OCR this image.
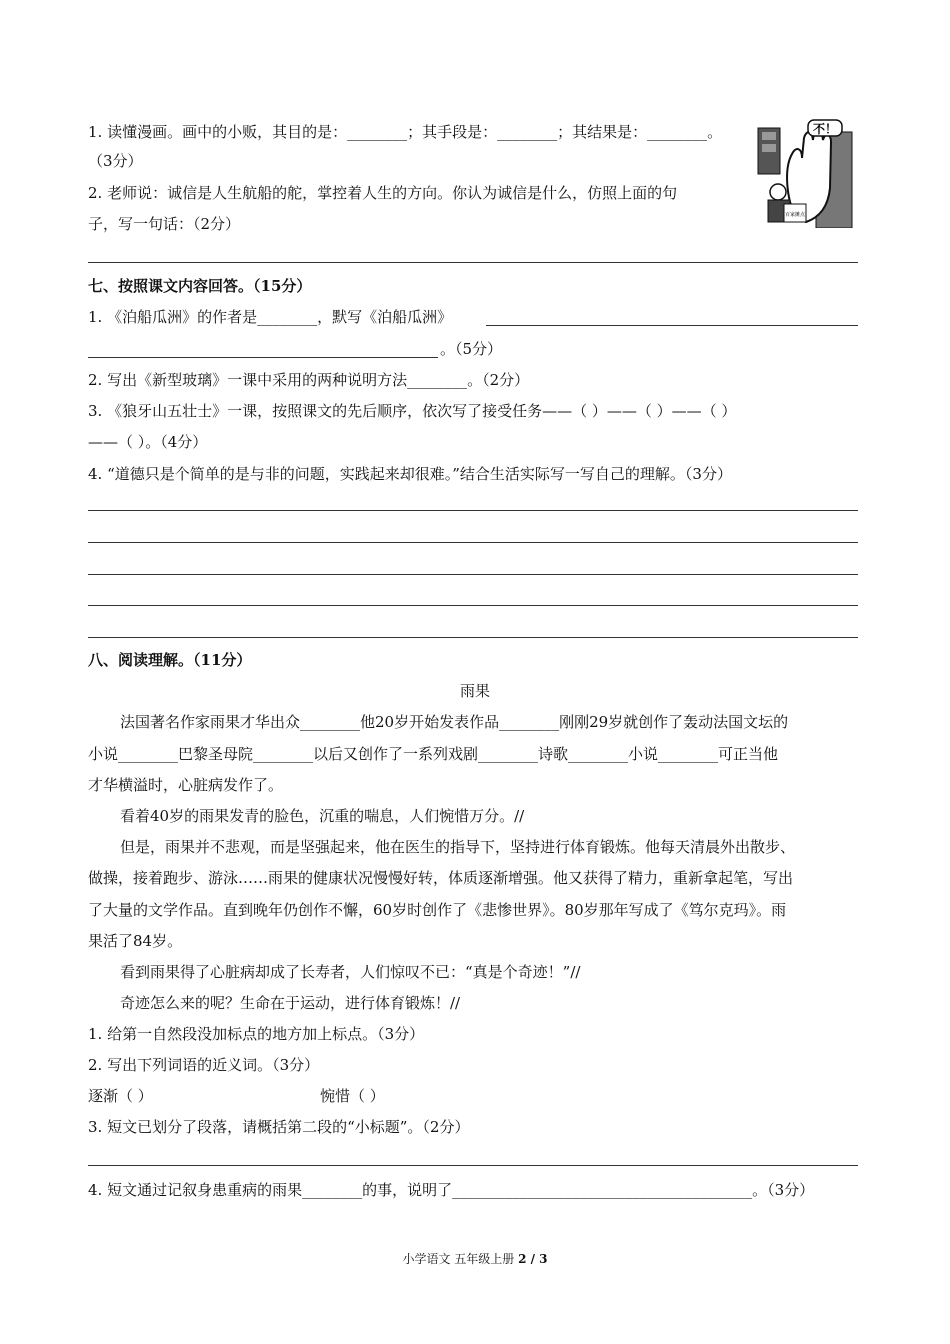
1. 读懂漫画。画中的小贩，其目的是：________；其手段是：________；其结果是：________。
（3分）
2. 老师说：诚信是人生航船的舵，掌控着人生的方向。你认为诚信是什么，仿照上面的句
子，写一句话：（2分）
不！
百家摊点
七、按照课文内容回答。（15分）
1. 《泊船瓜洲》的作者是________，默写《泊船瓜洲》
。（5分）
2. 写出《新型玻璃》一课中采用的两种说明方法________。（2分）
3. 《狼牙山五壮士》一课，按照课文的先后顺序，依次写了接受任务——（ ）——（ ）——（ ）
——（ ）。（4分）
4. “道德只是个简单的是与非的问题，实践起来却很难。”结合生活实际写一写自己的理解。（3分）
八、阅读理解。（11分）
雨果
法国著名作家雨果才华出众________他20岁开始发表作品________刚刚29岁就创作了轰动法国文坛的
小说________巴黎圣母院________以后又创作了一系列戏剧________诗歌________小说________可正当他
才华横溢时，心脏病发作了。
看着40岁的雨果发青的脸色，沉重的喘息，人们惋惜万分。//
但是，雨果并不悲观，而是坚强起来，他在医生的指导下，坚持进行体育锻炼。他每天清晨外出散步、
做操，接着跑步、游泳……雨果的健康状况慢慢好转，体质逐渐增强。他又获得了精力，重新拿起笔，写出
了大量的文学作品。直到晚年仍创作不懈，60岁时创作了《悲惨世界》。80岁那年写成了《笃尔克玛》。雨
果活了84岁。
看到雨果得了心脏病却成了长寿者，人们惊叹不已：“真是个奇迹！”//
奇迹怎么来的呢？生命在于运动，进行体育锻炼！//
1. 给第一自然段没加标点的地方加上标点。（3分）
2. 写出下列词语的近义词。（3分）
逐渐（ ）	惋惜（ ）
3. 短文已划分了段落，请概括第二段的“小标题”。（2分）
4. 短文通过记叙身患重病的雨果________的事，说明了________________________________________。（3分）
小学语文 五年级上册 2 / 3
